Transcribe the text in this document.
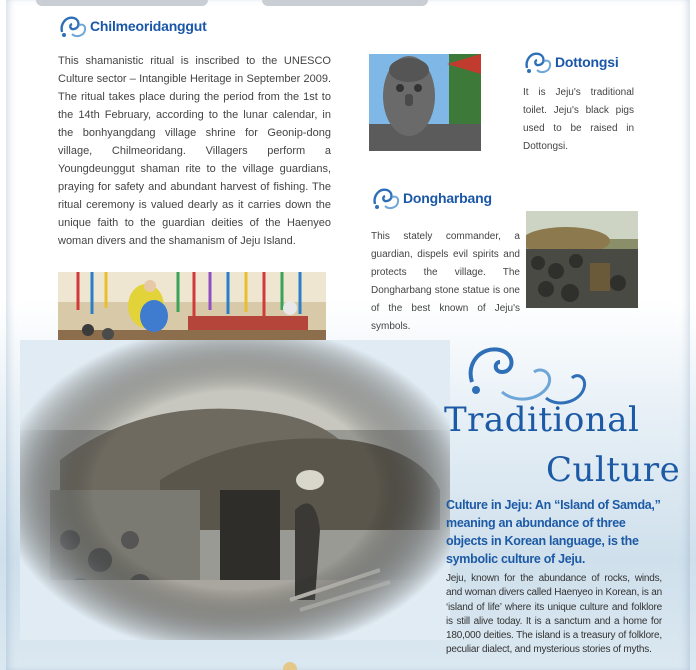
Chilmeoridanggut
This shamanistic ritual is inscribed to the UNESCO Culture sector – Intangible Heritage in September 2009. The ritual takes place during the period from the 1st to the 14th February, according to the lunar calendar, in the bonhyangdang village shrine for Geonip-dong village, Chilmeoridang. Villagers perform a Youngdeunggut shaman rite to the village guardians, praying for safety and abundant harvest of fishing. The ritual ceremony is valued dearly as it carries down the unique faith to the guardian deities of the Haenyeo woman divers and the shamanism of Jeju Island.
Dottongsi
It is Jeju's traditional toilet. Jeju's black pigs used to be raised in Dottongsi.
Dongharbang
This stately commander, a guardian, dispels evil spirits and protects the village. The Dongharbang stone statue is one of the best known of Jeju's symbols.
Traditional
Culture
Culture in Jeju: An “Island of Samda,” meaning an abundance of three objects in Korean language, is the symbolic culture of Jeju.
Jeju, known for the abundance of rocks, winds, and woman divers called Haenyeo in Korean, is an ‘island of life’ where its unique culture and folklore is still alive today. It is a sanctum and a home for 180,000 deities. The island is a treasury of folklore, peculiar dialect, and mysterious stories of myths.
